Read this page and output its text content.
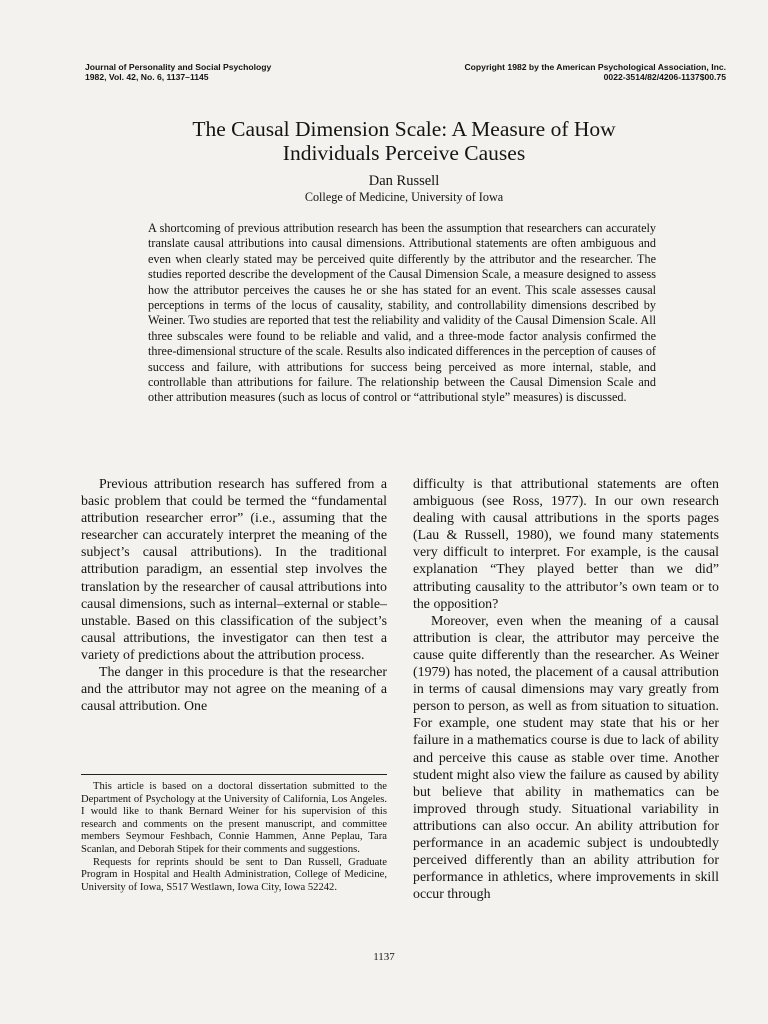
Journal of Personality and Social Psychology
1982, Vol. 42, No. 6, 1137–1145
Copyright 1982 by the American Psychological Association, Inc.
0022-3514/82/4206-1137$00.75
The Causal Dimension Scale: A Measure of How
Individuals Perceive Causes
Dan Russell
College of Medicine, University of Iowa

A shortcoming of previous attribution research has been the assumption that researchers can accurately translate causal attributions into causal dimensions. Attributional statements are often ambiguous and even when clearly stated may be perceived quite differently by the attributor and the researcher. The studies reported describe the development of the Causal Dimension Scale, a measure designed to assess how the attributor perceives the causes he or she has stated for an event. This scale assesses causal perceptions in terms of the locus of causality, stability, and controllability dimensions described by Weiner. Two studies are reported that test the reliability and validity of the Causal Dimension Scale. All three subscales were found to be reliable and valid, and a three-mode factor analysis confirmed the three-dimensional structure of the scale. Results also indicated differences in the perception of causes of success and failure, with attributions for success being perceived as more internal, stable, and controllable than attributions for failure. The relationship between the Causal Dimension Scale and other attribution measures (such as locus of control or “attributional style” measures) is discussed.

Previous attribution research has suffered from a basic problem that could be termed the “fundamental attribution researcher error” (i.e., assuming that the researcher can accurately interpret the meaning of the subject’s causal attributions). In the traditional attribution paradigm, an essential step involves the translation by the researcher of causal attributions into causal dimensions, such as internal–external or stable–unstable. Based on this classification of the subject’s causal attributions, the investigator can then test a variety of predictions about the attribution process.

The danger in this procedure is that the researcher and the attributor may not agree on the meaning of a causal attribution. One

This article is based on a doctoral dissertation submitted to the Department of Psychology at the University of California, Los Angeles. I would like to thank Bernard Weiner for his supervision of this research and comments on the present manuscript, and committee members Seymour Feshbach, Connie Hammen, Anne Peplau, Tara Scanlan, and Deborah Stipek for their comments and suggestions.

Requests for reprints should be sent to Dan Russell, Graduate Program in Hospital and Health Administration, College of Medicine, University of Iowa, S517 Westlawn, Iowa City, Iowa 52242.

difficulty is that attributional statements are often ambiguous (see Ross, 1977). In our own research dealing with causal attributions in the sports pages (Lau & Russell, 1980), we found many statements very difficult to interpret. For example, is the causal explanation “They played better than we did” attributing causality to the attributor’s own team or to the opposition?

Moreover, even when the meaning of a causal attribution is clear, the attributor may perceive the cause quite differently than the researcher. As Weiner (1979) has noted, the placement of a causal attribution in terms of causal dimensions may vary greatly from person to person, as well as from situation to situation. For example, one student may state that his or her failure in a mathematics course is due to lack of ability and perceive this cause as stable over time. Another student might also view the failure as caused by ability but believe that ability in mathematics can be improved through study. Situational variability in attributions can also occur. An ability attribution for performance in an academic subject is undoubtedly perceived differently than an ability attribution for performance in athletics, where improvements in skill occur through

1137
